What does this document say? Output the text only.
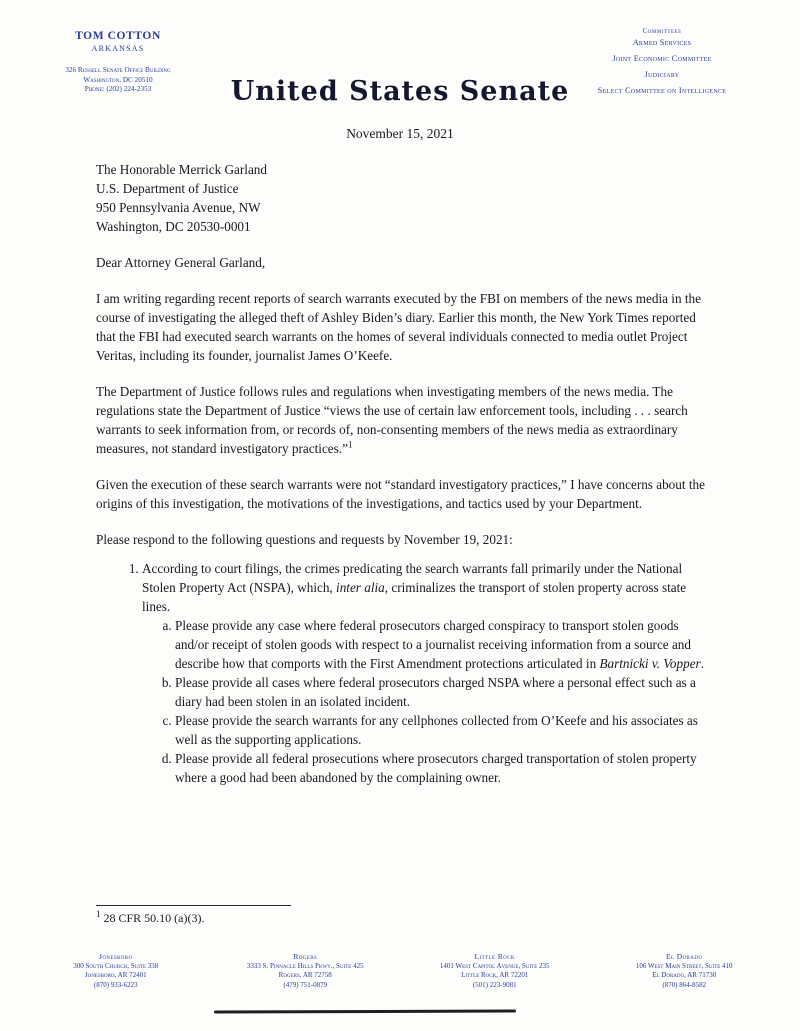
TOM COTTON
ARKANSAS
326 Russell Senate Office Building
Washington, DC 20510
Phone: (202) 224-2353	United States Senate
Committees
Armed Services
Joint Economic Committee
Judiciary
Select Committee on Intelligence
November 15, 2021
The Honorable Merrick Garland
U.S. Department of Justice
950 Pennsylvania Avenue, NW
Washington, DC 20530-0001
Dear Attorney General Garland,

I am writing regarding recent reports of search warrants executed by the FBI on members of the news media in the course of investigating the alleged theft of Ashley Biden’s diary. Earlier this month, the New York Times reported that the FBI had executed search warrants on the homes of several individuals connected to media outlet Project Veritas, including its founder, journalist James O’Keefe.

The Department of Justice follows rules and regulations when investigating members of the news media. The regulations state the Department of Justice “views the use of certain law enforcement tools, including . . . search warrants to seek information from, or records of, non-consenting members of the news media as extraordinary measures, not standard investigatory practices.”$^1$

Given the execution of these search warrants were not “standard investigatory practices,” I have concerns about the origins of this investigation, the motivations of the investigations, and tactics used by your Department.

Please respond to the following questions and requests by November 19, 2021:

1. According to court filings, the crimes predicating the search warrants fall primarily under the National Stolen Property Act (NSPA), which, inter alia, criminalizes the transport of stolen property across state lines.
a. Please provide any case where federal prosecutors charged conspiracy to transport stolen goods and/or receipt of stolen goods with respect to a journalist receiving information from a source and describe how that comports with the First Amendment protections articulated in Bartnicki v. Vopper.
b. Please provide all cases where federal prosecutors charged NSPA where a personal effect such as a diary had been stolen in an isolated incident.
c. Please provide the search warrants for any cellphones collected from O’Keefe and his associates as well as the supporting applications.
d. Please provide all federal prosecutions where prosecutors charged transportation of stolen property where a good had been abandoned by the complaining owner.
$^1$ 28 CFR 50.10 (a)(3).
Jonesboro
300 South Church, Suite 338
Jonesboro, AR 72401
(870) 933-6223
Rogers
3333 S. Pinnacle Hills Pkwy., Suite 425
Rogers, AR 72758
(479) 751-0879
Little Rock
1401 West Capitol Avenue, Suite 235
Little Rock, AR 72201
(501) 223-9081
El Dorado
106 West Main Street, Suite 410
El Dorado, AR 71730
(870) 864-8582
